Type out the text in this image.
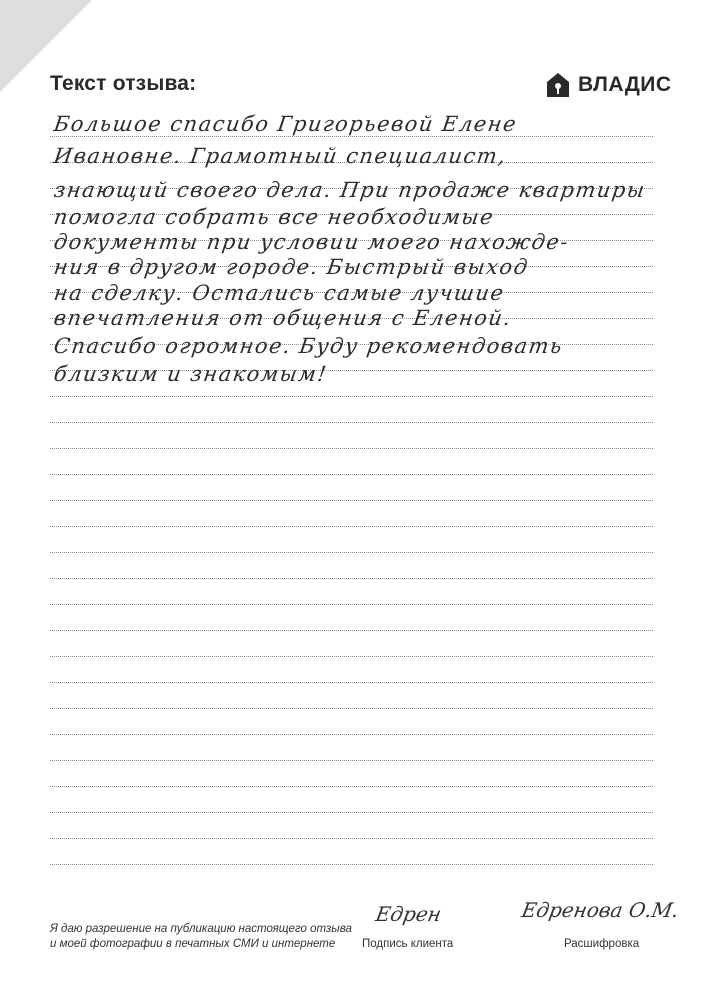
Текст отзыва:	ВЛАДИС
Большое спасибо Григорьевой Елене
Ивановне. Грамотный специалист,
знающий своего дела. При продаже квартиры
помогла собрать все необходимые
документы при условии моего нахожде-
ния в другом городе. Быстрый выход
на сделку. Остались самые лучшие
впечатления от общения с Еленой.
Спасибо огромное. Буду рекомендовать
близким и знакомым!
Я даю разрешение на публикацию настоящего отзыва
и моей фотографии в печатных СМИ и интернете
Едрен
Подпись клиента
Едренова О.М.
Расшифровка
